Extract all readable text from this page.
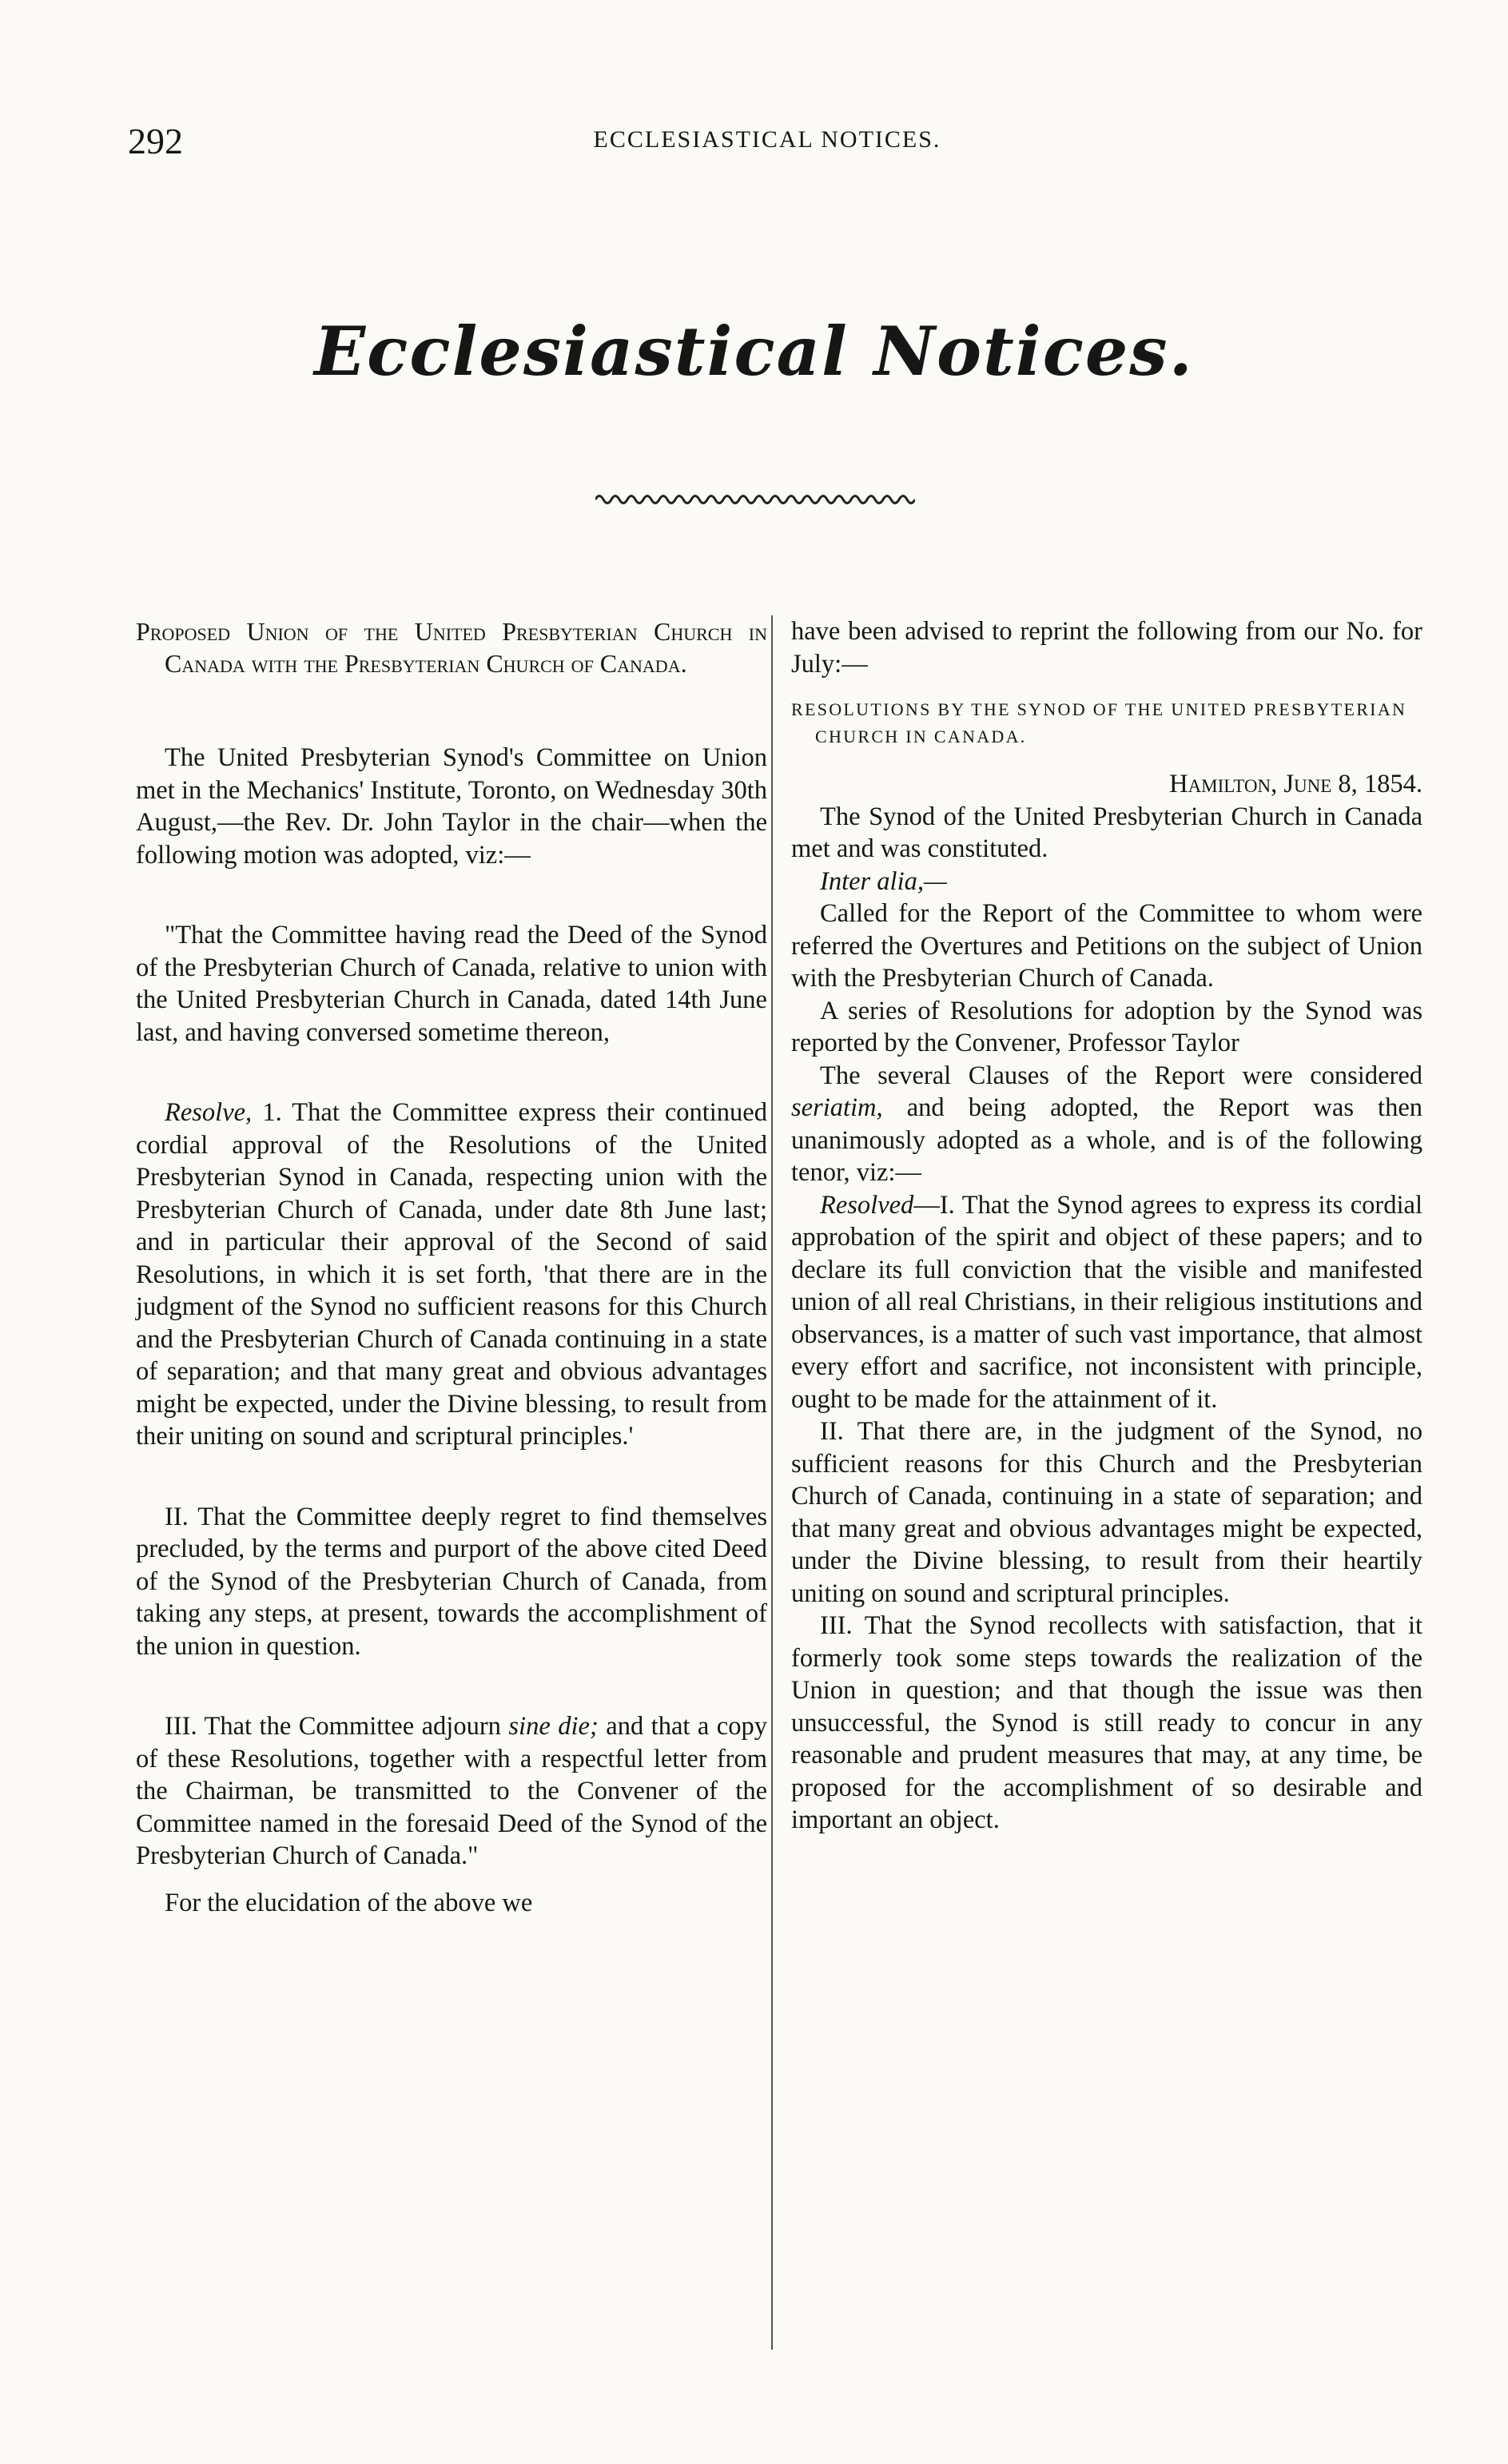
292	ECCLESIASTICAL NOTICES.
Ecclesiastical Notices.
Proposed Union of the United Presbyterian Church in Canada with the Presbyterian Church of Canada.

The United Presbyterian Synod's Committee on Union met in the Mechanics' Institute, Toronto, on Wednesday 30th August,—the Rev. Dr. John Taylor in the chair—when the following motion was adopted, viz:—

"That the Committee having read the Deed of the Synod of the Presbyterian Church of Canada, relative to union with the United Presbyterian Church in Canada, dated 14th June last, and having conversed sometime thereon,

Resolve, 1. That the Committee express their continued cordial approval of the Resolutions of the United Presbyterian Synod in Canada, respecting union with the Presbyterian Church of Canada, under date 8th June last; and in particular their approval of the Second of said Resolutions, in which it is set forth, 'that there are in the judgment of the Synod no sufficient reasons for this Church and the Presbyterian Church of Canada continuing in a state of separation; and that many great and obvious advantages might be expected, under the Divine blessing, to result from their uniting on sound and scriptural principles.'

II. That the Committee deeply regret to find themselves precluded, by the terms and purport of the above cited Deed of the Synod of the Presbyterian Church of Canada, from taking any steps, at present, towards the accomplishment of the union in question.

III. That the Committee adjourn sine die; and that a copy of these Resolutions, together with a respectful letter from the Chairman, be transmitted to the Convener of the Committee named in the foresaid Deed of the Synod of the Presbyterian Church of Canada."

For the elucidation of the above we

have been advised to reprint the following from our No. for July:—

RESOLUTIONS BY THE SYNOD OF THE UNITED PRESBYTERIAN CHURCH IN CANADA.

Hamilton, June 8, 1854.

The Synod of the United Presbyterian Church in Canada met and was constituted.

Inter alia,—

Called for the Report of the Committee to whom were referred the Overtures and Petitions on the subject of Union with the Presbyterian Church of Canada.

A series of Resolutions for adoption by the Synod was reported by the Convener, Professor Taylor

The several Clauses of the Report were considered seriatim, and being adopted, the Report was then unanimously adopted as a whole, and is of the following tenor, viz:—

Resolved—I. That the Synod agrees to express its cordial approbation of the spirit and object of these papers; and to declare its full conviction that the visible and manifested union of all real Christians, in their religious institutions and observances, is a matter of such vast importance, that almost every effort and sacrifice, not inconsistent with principle, ought to be made for the attainment of it.

II. That there are, in the judgment of the Synod, no sufficient reasons for this Church and the Presbyterian Church of Canada, continuing in a state of separation; and that many great and obvious advantages might be expected, under the Divine blessing, to result from their heartily uniting on sound and scriptural principles.

III. That the Synod recollects with satisfaction, that it formerly took some steps towards the realization of the Union in question; and that though the issue was then unsuccessful, the Synod is still ready to concur in any reasonable and prudent measures that may, at any time, be proposed for the accomplishment of so desirable and important an object.
